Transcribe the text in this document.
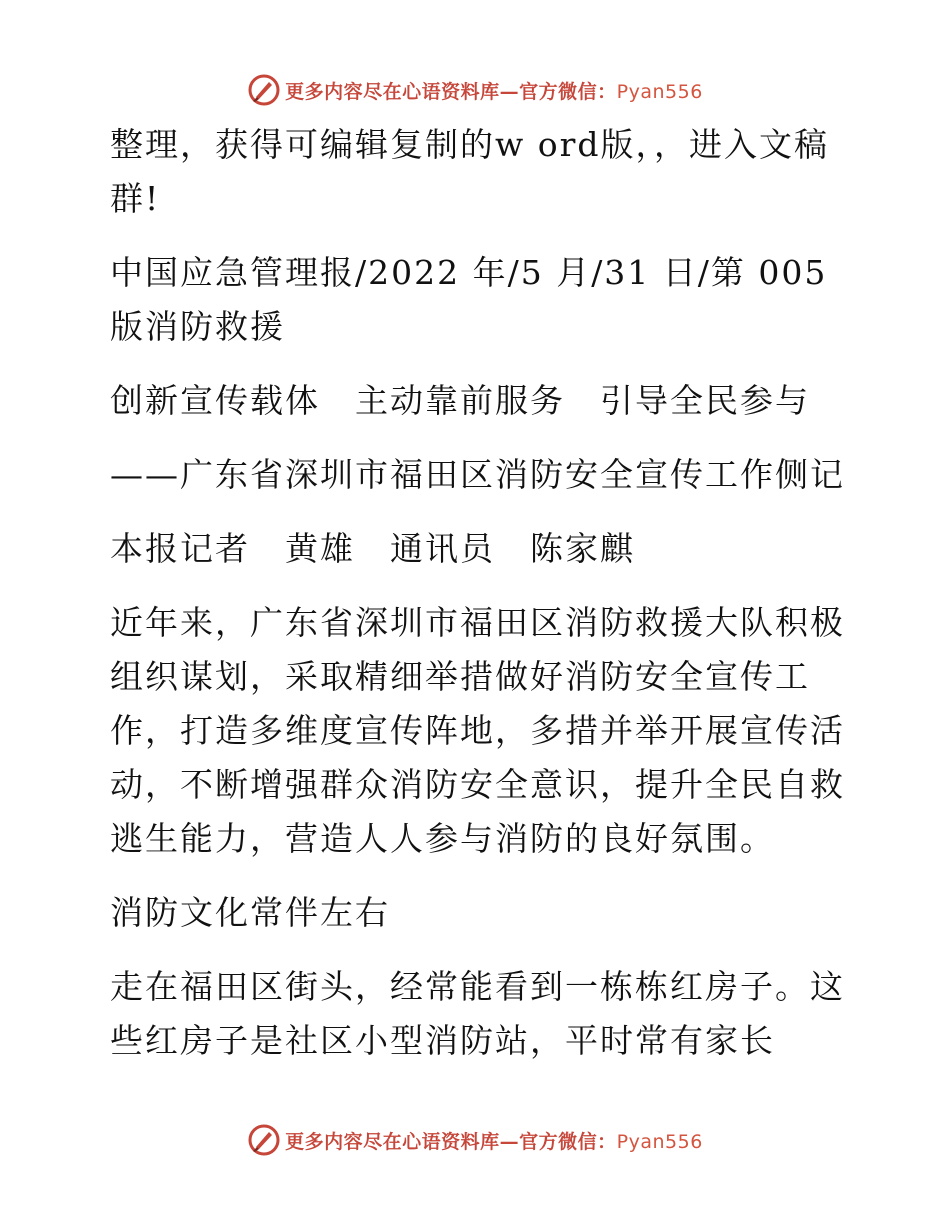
更多内容尽在心语资料库—官方微信：Pyan556

整理，获得可编辑复制的w ord版，，进入文稿群!

中国应急管理报/2022 年/5 月/31 日/第 005 版消防救援

创新宣传载体　主动靠前服务　引导全民参与

——广东省深圳市福田区消防安全宣传工作侧记

本报记者　黄雄　通讯员　陈家麒

近年来，广东省深圳市福田区消防救援大队积极组织谋划，采取精细举措做好消防安全宣传工作，打造多维度宣传阵地，多措并举开展宣传活动，不断增强群众消防安全意识，提升全民自救逃生能力，营造人人参与消防的良好氛围。

消防文化常伴左右

走在福田区街头，经常能看到一栋栋红房子。这些红房子是社区小型消防站，平时常有家长

更多内容尽在心语资料库—官方微信：Pyan556
